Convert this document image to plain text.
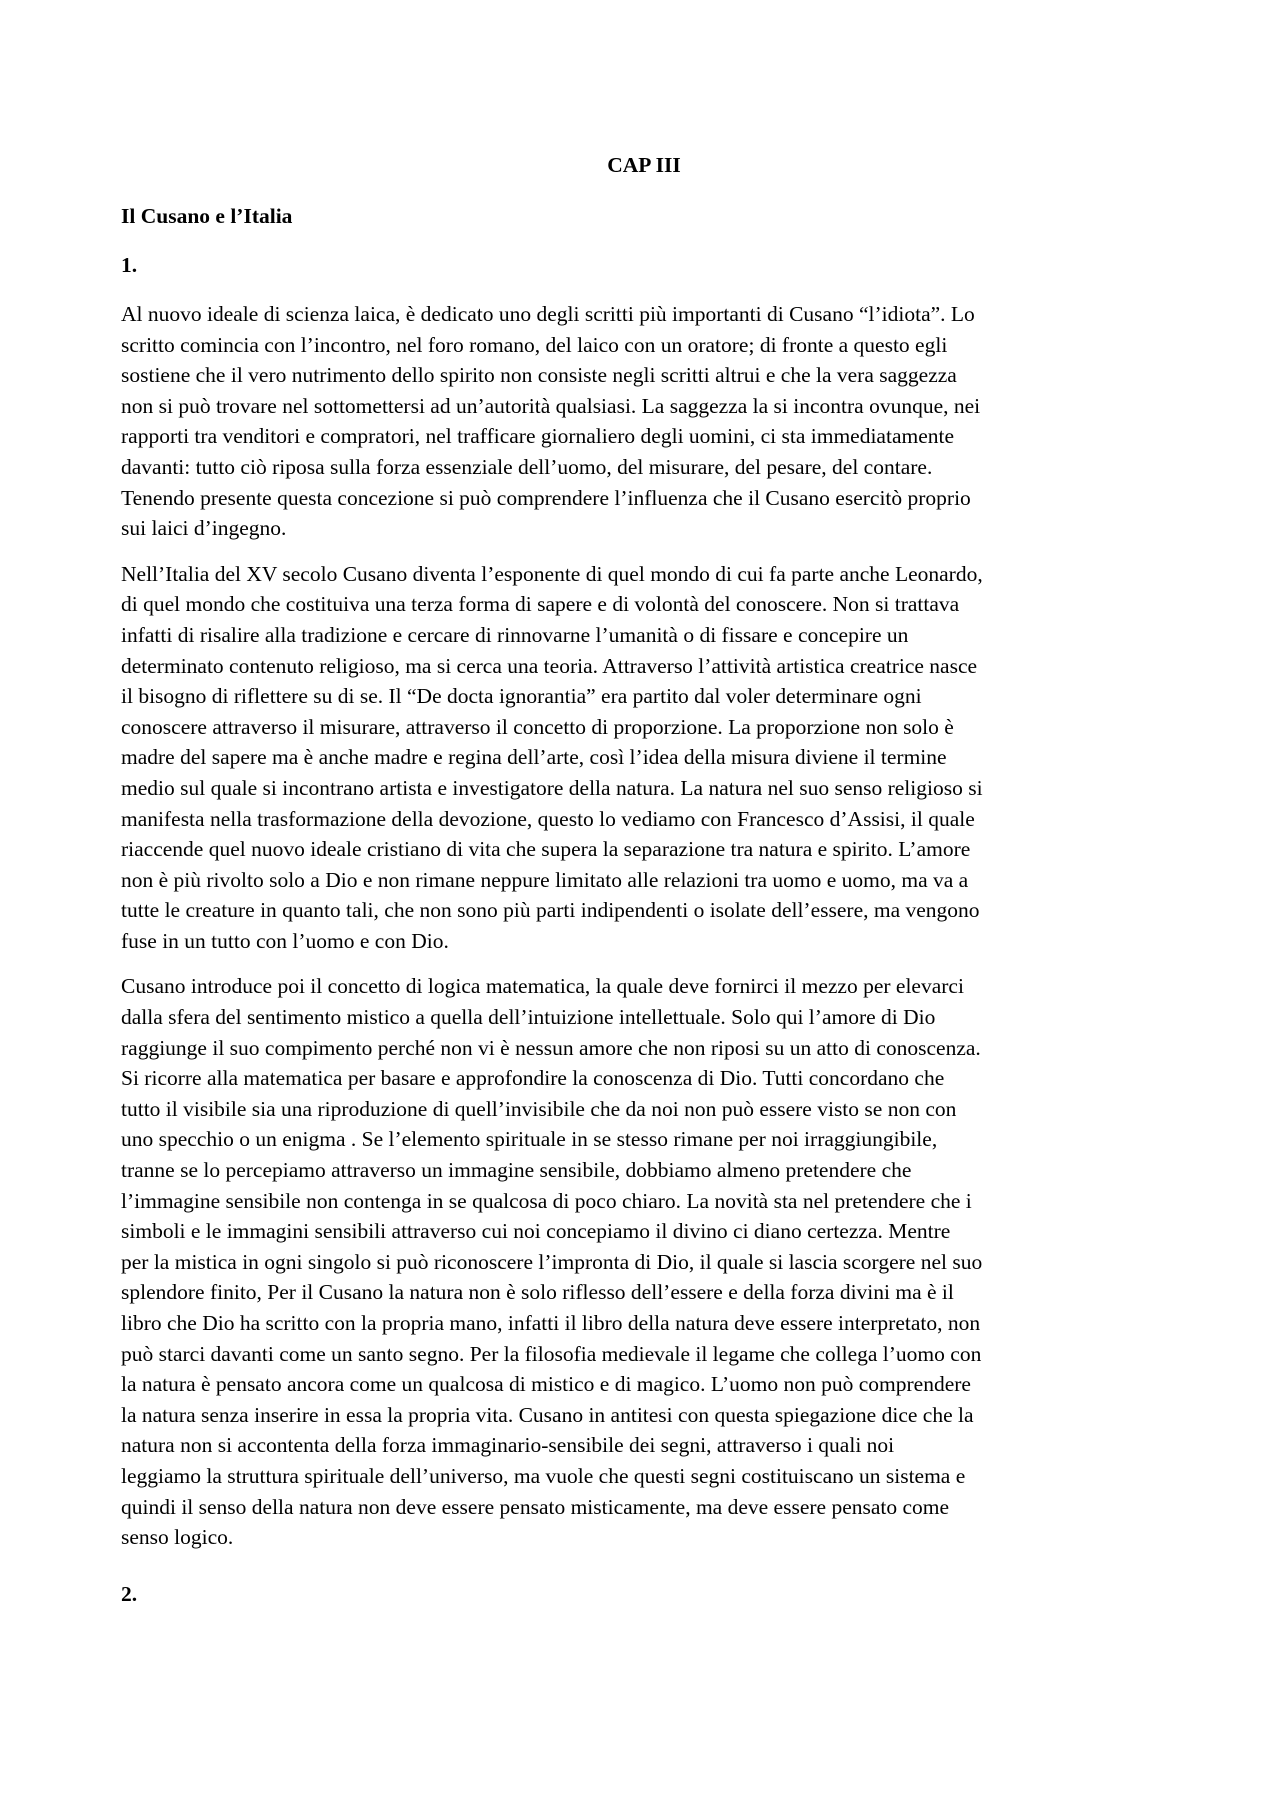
CAP III
Il Cusano e l’Italia
1.
Al nuovo ideale di scienza laica, è dedicato uno degli scritti più importanti di Cusano “l’idiota”. Lo
scritto comincia con l’incontro, nel foro romano, del laico con un oratore; di fronte a questo egli
sostiene che il vero nutrimento dello spirito non consiste negli scritti altrui e che la vera saggezza
non si può trovare nel sottomettersi ad un’autorità qualsiasi. La saggezza la si incontra ovunque, nei
rapporti tra venditori e compratori, nel trafficare giornaliero degli uomini, ci sta immediatamente
davanti: tutto ciò riposa sulla forza essenziale dell’uomo, del misurare, del pesare, del contare.
Tenendo presente questa concezione si può comprendere l’influenza che il Cusano esercitò proprio
sui laici d’ingegno.
Nell’Italia del XV secolo Cusano diventa l’esponente di quel mondo di cui fa parte anche Leonardo,
di quel mondo che costituiva una terza forma di sapere e di volontà del conoscere. Non si trattava
infatti di risalire alla tradizione e cercare di rinnovarne l’umanità o di fissare e concepire un
determinato contenuto religioso, ma si cerca una teoria. Attraverso l’attività artistica creatrice nasce
il bisogno di riflettere su di se. Il “De docta ignorantia” era partito dal voler determinare ogni
conoscere attraverso il misurare, attraverso il concetto di proporzione. La proporzione non solo è
madre del sapere ma è anche madre e regina dell’arte, così l’idea della misura diviene il termine
medio sul quale si incontrano artista e investigatore della natura. La natura nel suo senso religioso si
manifesta nella trasformazione della devozione, questo lo vediamo con Francesco d’Assisi, il quale
riaccende quel nuovo ideale cristiano di vita che supera la separazione tra natura e spirito. L’amore
non è più rivolto solo a Dio e non rimane neppure limitato alle relazioni tra uomo e uomo, ma va a
tutte le creature in quanto tali, che non sono più parti indipendenti o isolate dell’essere, ma vengono
fuse in un tutto con l’uomo e con Dio.
Cusano introduce poi il concetto di logica matematica, la quale deve fornirci il mezzo per elevarci
dalla sfera del sentimento mistico a quella dell’intuizione intellettuale. Solo qui l’amore di Dio
raggiunge il suo compimento perché non vi è nessun amore che non riposi su un atto di conoscenza.
Si ricorre alla matematica per basare e approfondire la conoscenza di Dio. Tutti concordano che
tutto il visibile sia una riproduzione di quell’invisibile che da noi non può essere visto se non con
uno specchio o un enigma . Se l’elemento spirituale in se stesso rimane per noi irraggiungibile,
tranne se lo percepiamo attraverso un immagine sensibile, dobbiamo almeno pretendere che
l’immagine sensibile non contenga in se qualcosa di poco chiaro. La novità sta nel pretendere che i
simboli e le immagini sensibili attraverso cui noi concepiamo il divino ci diano certezza. Mentre
per la mistica in ogni singolo si può riconoscere l’impronta di Dio, il quale si lascia scorgere nel suo
splendore finito, Per il Cusano la natura non è solo riflesso dell’essere e della forza divini ma è il
libro che Dio ha scritto con la propria mano, infatti il libro della natura deve essere interpretato, non
può starci davanti come un santo segno. Per la filosofia medievale il legame che collega l’uomo con
la natura è pensato ancora come un qualcosa di mistico e di magico. L’uomo non può comprendere
la natura senza inserire in essa la propria vita. Cusano in antitesi con questa spiegazione dice che la
natura non si accontenta della forza immaginario-sensibile dei segni, attraverso i quali noi
leggiamo la struttura spirituale dell’universo, ma vuole che questi segni costituiscano un sistema e
quindi il senso della natura non deve essere pensato misticamente, ma deve essere pensato come
senso logico.
2.
